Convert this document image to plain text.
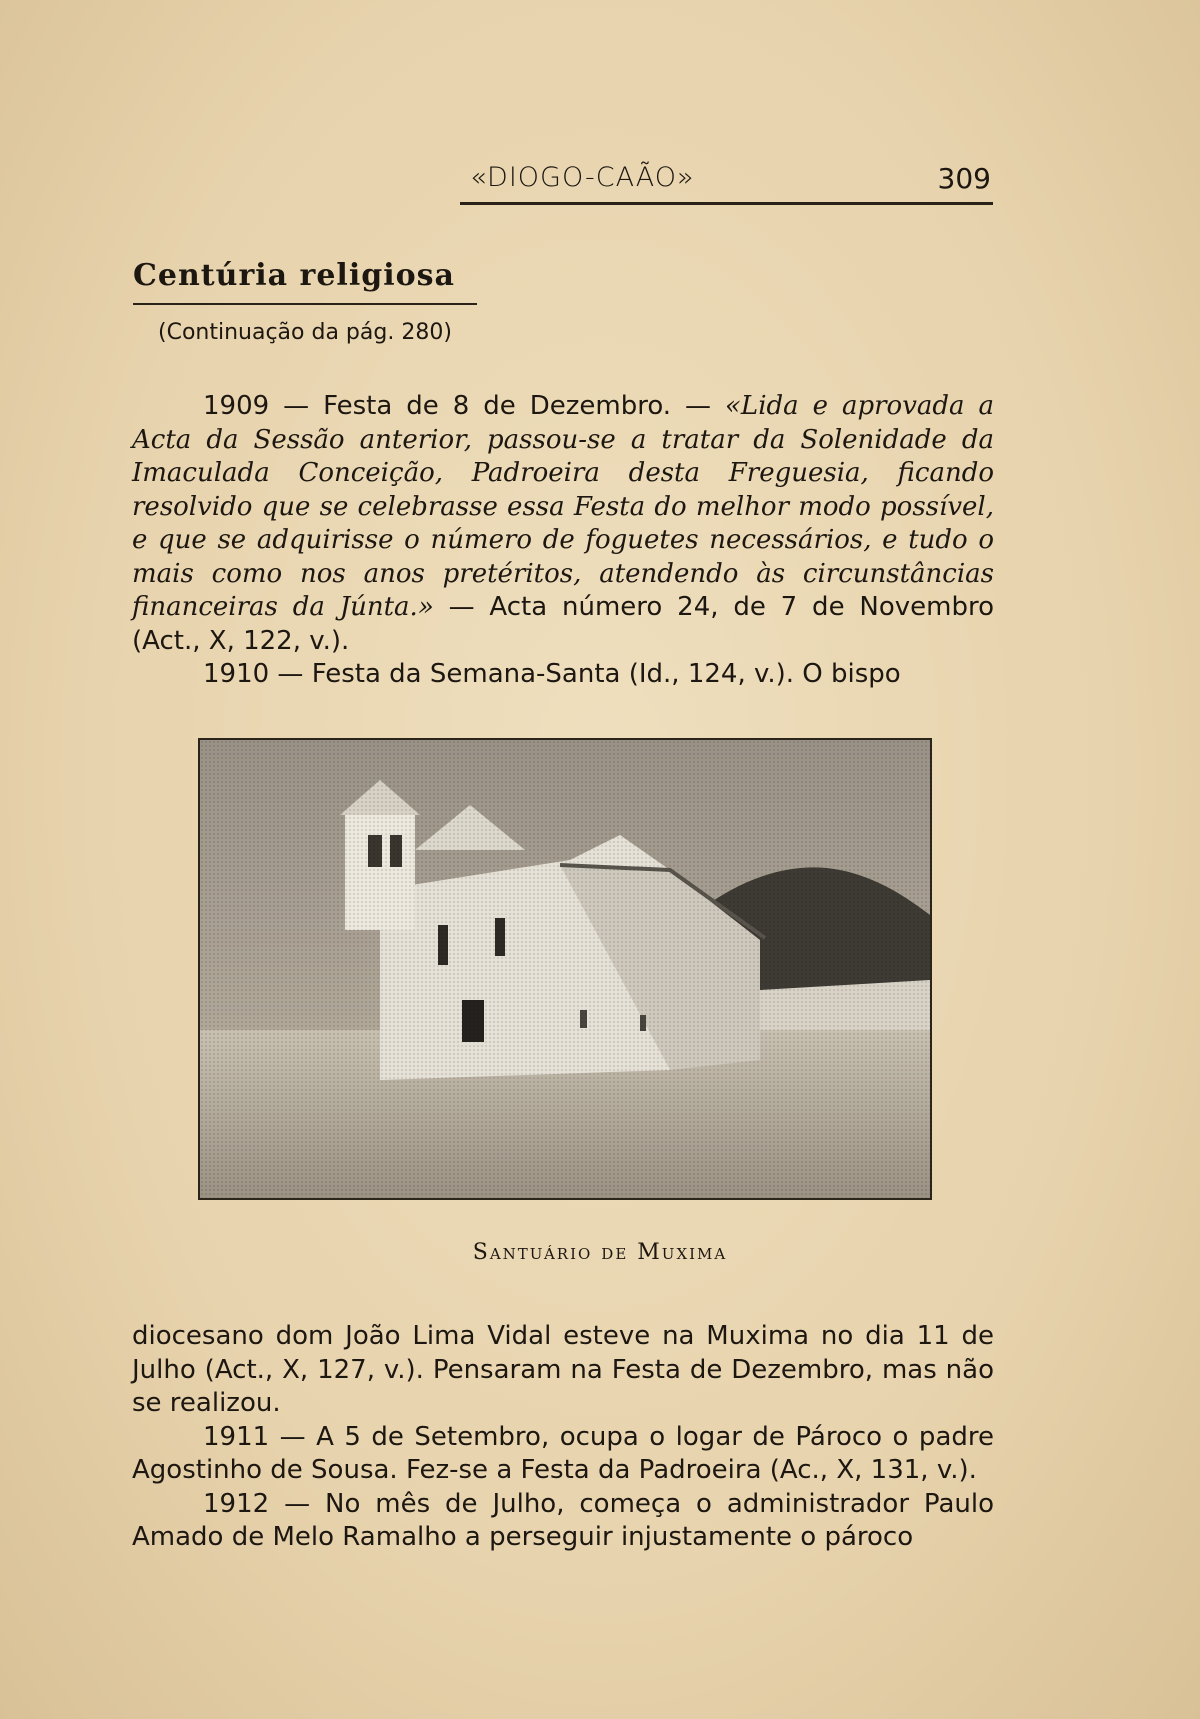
«DIOGO-CAÃO»	309
Centúria religiosa
(Continuação da pág. 280)

1909 — Festa de 8 de Dezembro. — «Lida e aprovada a Acta da Sessão anterior, passou-se a tratar da Solenidade da Imaculada Conceição, Padroeira desta Freguesia, ficando resolvido que se celebrasse essa Festa do melhor modo possível, e que se adquirisse o número de foguetes necessários, e tudo o mais como nos anos pretéritos, atendendo às circunstâncias financeiras da Júnta.» — Acta número 24, de 7 de Novembro (Act., X, 122, v.).

1910 — Festa da Semana-Santa (Id., 124, v.). O bispo

Santuário de Muxima

diocesano dom João Lima Vidal esteve na Muxima no dia 11 de Julho (Act., X, 127, v.). Pensaram na Festa de Dezembro, mas não se realizou.

1911 — A 5 de Setembro, ocupa o logar de Pároco o padre Agostinho de Sousa. Fez-se a Festa da Padroeira (Ac., X, 131, v.).

1912 — No mês de Julho, começa o administrador Paulo Amado de Melo Ramalho a perseguir injustamente o pároco
